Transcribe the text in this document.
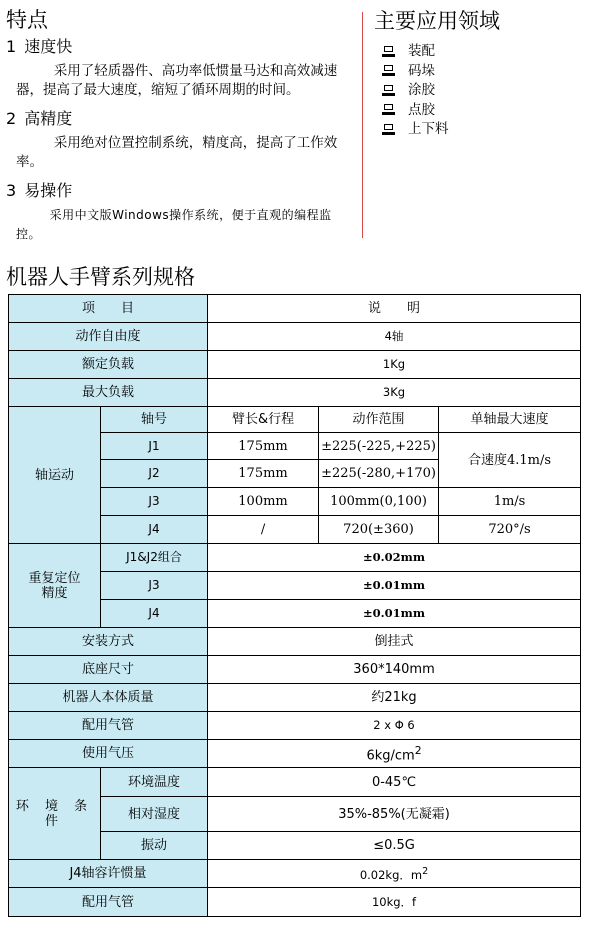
特点
1 速度快
采用了轻质器件、高功率低惯量马达和高效减速器，提高了最大速度，缩短了循环周期的时间。
2 高精度
采用绝对位置控制系统，精度高，提高了工作效率。
3 易操作
采用中文版Windows操作系统，便于直观的编程监控。
主要应用领域
装配
码垛
涂胶
点胶
上下料
机器人手臂系列规格
项　　目		说　　明		
动作自由度		4轴		
额定负载		1Kg		
最大负载		3Kg		
轴运动	轴号	臂长&行程	动作范围	单轴最大速度
	J1	175mm	±225(-225,+225)	合速度4.1m/s
	J2	175mm	±225(-280,+170)	
	J3	100mm	100mm(0,100)	1m/s
	J4	/	720(±360)	720°/s
重复定位精度	J1&J2组合	±0.02mm		
	J3	±0.01mm		
	J4	±0.01mm		
安装方式		倒挂式		
底座尺寸		360*140mm		
机器人本体质量		约21kg		
配用气管		2 x Φ 6		
使用气压		$6kg/cm^2$
环 境 条 件	环境温度	0-45℃		
	相对湿度	35%-85%(无凝霜)		
	振动	≤0.5G		
J4轴容许惯量		0.02kg．$m^2$
配用气管		10kg．f		
